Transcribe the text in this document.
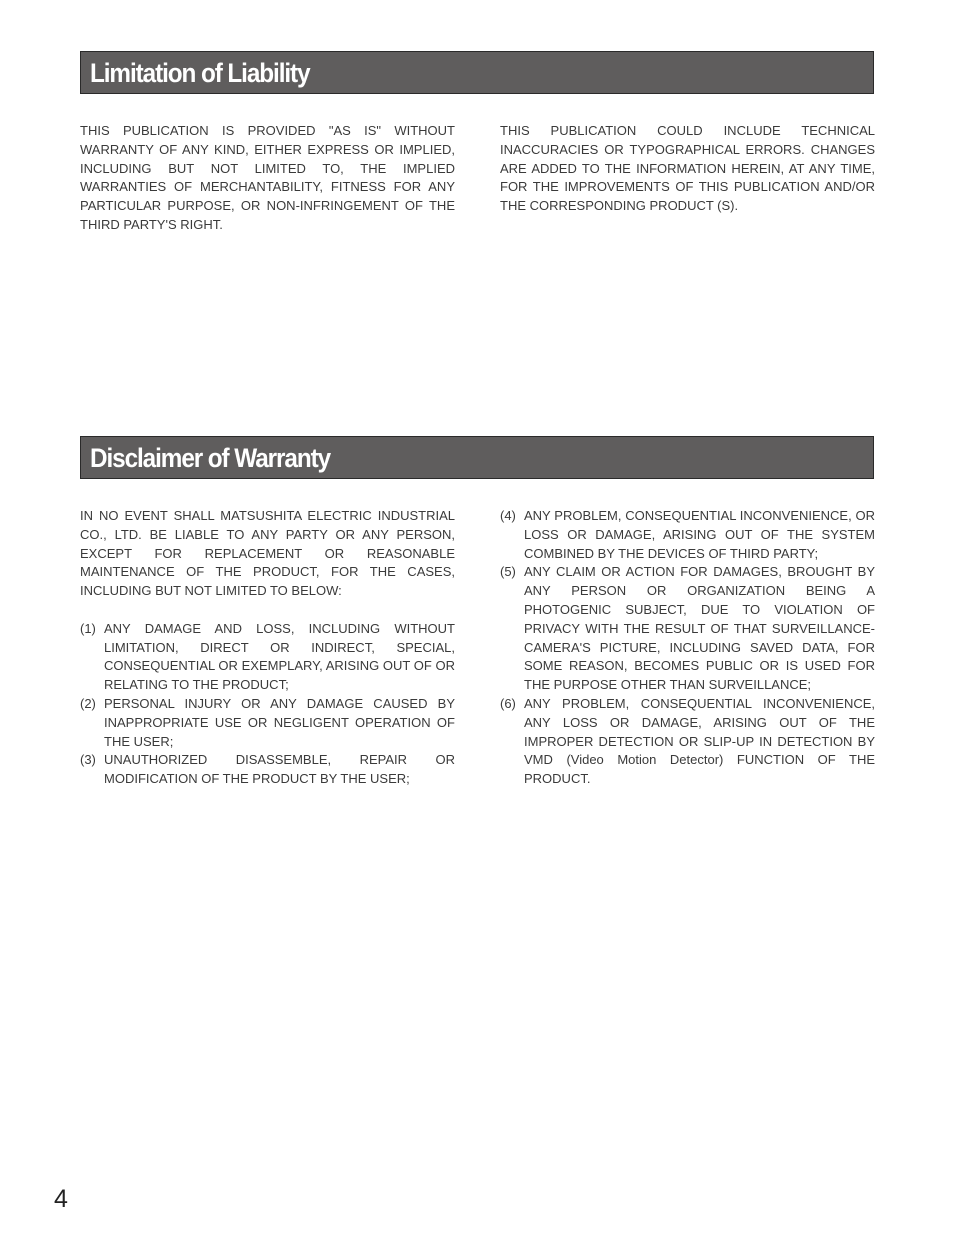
Limitation of Liability

THIS PUBLICATION IS PROVIDED "AS IS" WITHOUT WARRANTY OF ANY KIND, EITHER EXPRESS OR IMPLIED, INCLUDING BUT NOT LIMITED TO, THE IMPLIED WARRANTIES OF MERCHANTABILITY, FITNESS FOR ANY PARTICULAR PURPOSE, OR NON-INFRINGEMENT OF THE THIRD PARTY'S RIGHT.

THIS PUBLICATION COULD INCLUDE TECHNICAL INACCURACIES OR TYPOGRAPHICAL ERRORS. CHANGES ARE ADDED TO THE INFORMATION HEREIN, AT ANY TIME, FOR THE IMPROVEMENTS OF THIS PUBLICATION AND/OR THE CORRESPONDING PRODUCT (S).

Disclaimer of Warranty

IN NO EVENT SHALL MATSUSHITA ELECTRIC INDUSTRIAL CO., LTD. BE LIABLE TO ANY PARTY OR ANY PERSON, EXCEPT FOR REPLACEMENT OR REASONABLE MAINTENANCE OF THE PRODUCT, FOR THE CASES, INCLUDING BUT NOT LIMITED TO BELOW:

(1) ANY DAMAGE AND LOSS, INCLUDING WITHOUT LIMITATION, DIRECT OR INDIRECT, SPECIAL, CONSEQUENTIAL OR EXEMPLARY, ARISING OUT OF OR RELATING TO THE PRODUCT;
(2) PERSONAL INJURY OR ANY DAMAGE CAUSED BY INAPPROPRIATE USE OR NEGLIGENT OPERATION OF THE USER;
(3) UNAUTHORIZED DISASSEMBLE, REPAIR OR MODIFICATION OF THE PRODUCT BY THE USER;
(4) ANY PROBLEM, CONSEQUENTIAL INCONVENIENCE, OR LOSS OR DAMAGE, ARISING OUT OF THE SYSTEM COMBINED BY THE DEVICES OF THIRD PARTY;
(5) ANY CLAIM OR ACTION FOR DAMAGES, BROUGHT BY ANY PERSON OR ORGANIZATION BEING A PHOTOGENIC SUBJECT, DUE TO VIOLATION OF PRIVACY WITH THE RESULT OF THAT SURVEILLANCE-CAMERA'S PICTURE, INCLUDING SAVED DATA, FOR SOME REASON, BECOMES PUBLIC OR IS USED FOR THE PURPOSE OTHER THAN SURVEILLANCE;
(6) ANY PROBLEM, CONSEQUENTIAL INCONVENIENCE, ANY LOSS OR DAMAGE, ARISING OUT OF THE IMPROPER DETECTION OR SLIP-UP IN DETECTION BY VMD (Video Motion Detector) FUNCTION OF THE PRODUCT.
4
